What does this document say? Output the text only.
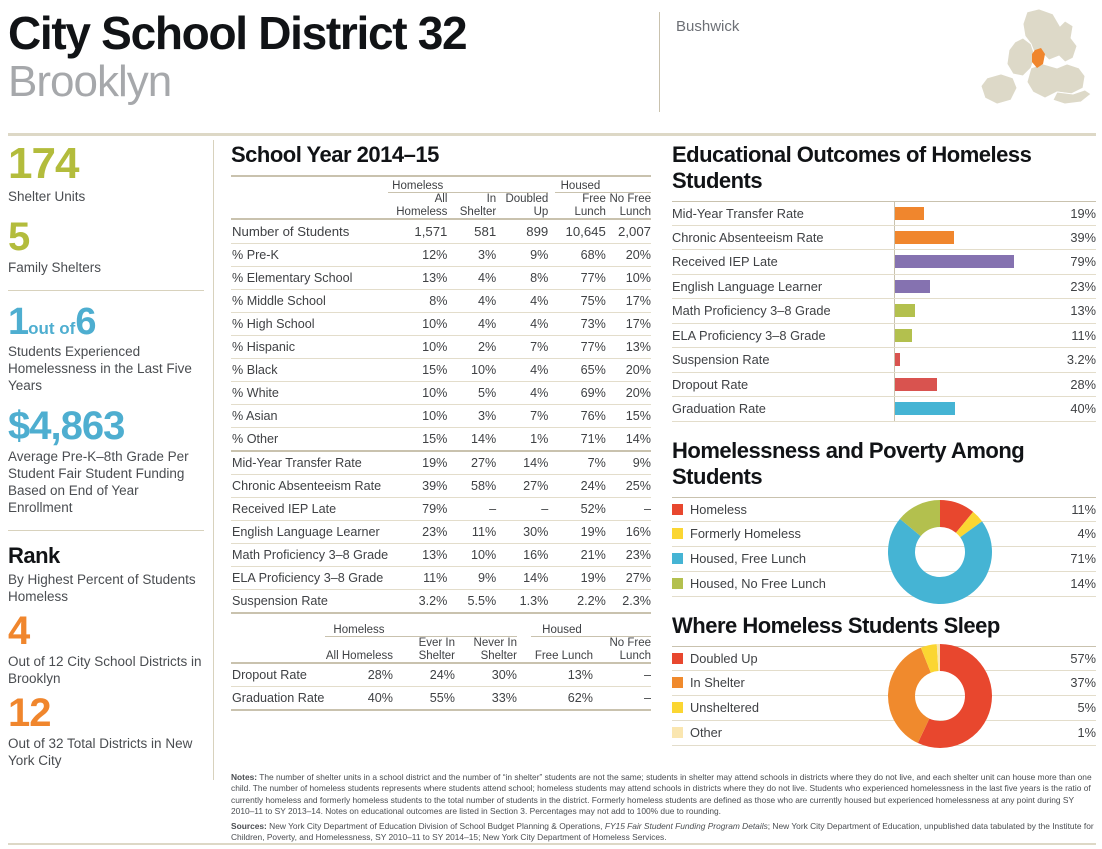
City School District 32
Brooklyn
Bushwick
174
Shelter Units
5
Family Shelters
1out of6
Students Experienced Homelessness in the Last Five Years
$4,863
Average Pre-K–8th Grade Per Student Fair Student Funding Based on End of Year Enrollment
Rank
By Highest Percent of Students Homeless
4
Out of 12 City School Districts in Brooklyn
12
Out of 32 Total Districts in New York City
School Year 2014–15
	Homeless				Housed	
	All Homeless	In Shelter	Doubled Up		Free Lunch	No Free Lunch
Number of Students	1,571	581	899		10,645	2,007
% Pre-K	12%	3%	9%		68%	20%
% Elementary School	13%	4%	8%		77%	10%
% Middle School	8%	4%	4%		75%	17%
% High School	10%	4%	4%		73%	17%
% Hispanic	10%	2%	7%		77%	13%
% Black	15%	10%	4%		65%	20%
% White	10%	5%	4%		69%	20%
% Asian	10%	3%	7%		76%	15%
% Other	15%	14%	1%		71%	14%
Mid-Year Transfer Rate	19%	27%	14%		7%	9%
Chronic Absenteeism Rate	39%	58%	27%		24%	25%
Received IEP Late	79%	–	–		52%	–
English Language Learner	23%	11%	30%		19%	16%
Math Proficiency 3–8 Grade	13%	10%	16%		21%	23%
ELA Proficiency 3–8 Grade	11%	9%	14%		19%	27%
Suspension Rate	3.2%	5.5%	1.3%		2.2%	2.3%
	Homeless				Housed	
	All Homeless	Ever In Shelter	Never In Shelter		Free Lunch	No Free Lunch
Dropout Rate	28%	24%	30%		13%	–
Graduation Rate	40%	55%	33%		62%	–
Educational Outcomes of Homeless Students
Mid-Year Transfer Rate	19%
Chronic Absenteeism Rate	39%
Received IEP Late	79%
English Language Learner	23%
Math Proficiency 3–8 Grade	13%
ELA Proficiency 3–8 Grade	11%
Suspension Rate	3.2%
Dropout Rate	28%
Graduation Rate	40%
Homelessness and Poverty Among Students
Homeless	11%
Formerly Homeless	4%
Housed, Free Lunch	71%
Housed, No Free Lunch	14%
Where Homeless Students Sleep
Doubled Up	57%
In Shelter	37%
Unsheltered	5%
Other	1%

Notes: The number of shelter units in a school district and the number of “in shelter” students are not the same; students in shelter may attend schools in districts where they do not live, and each shelter unit can house more than one child. The number of homeless students represents where students attend school; homeless students may attend schools in districts where they do not live. Students who experienced homelessness in the last five years is the ratio of currently homeless and formerly homeless students to the total number of students in the district. Formerly homeless students are defined as those who are currently housed but experienced homelessness at any point during SY 2010–11 to SY 2013–14. Notes on educational outcomes are listed in Section 3. Percentages may not add to 100% due to rounding.

Sources: New York City Department of Education Division of School Budget Planning & Operations, FY15 Fair Student Funding Program Details; New York City Department of Education, unpublished data tabulated by the Institute for Children, Poverty, and Homelessness, SY 2010–11 to SY 2014–15; New York City Department of Homeless Services.
